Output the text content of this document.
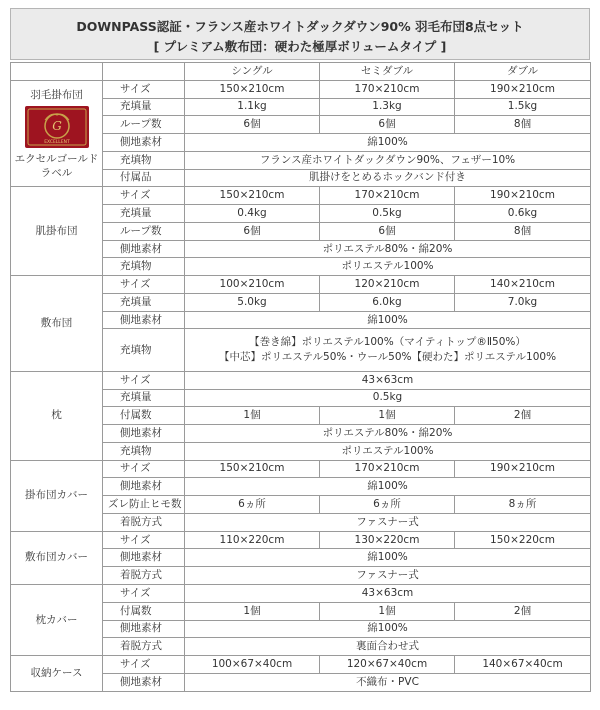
DOWNPASS認証・フランス産ホワイトダックダウン90% 羽毛布団8点セット
[ プレミアム敷布団：硬わた極厚ボリュームタイプ ]
		シングル	セミダブル	ダブル

羽毛掛布団
G
EXCELLENT
エクセルゴールド
ラベル	サイズ	150×210cm	170×210cm	190×210cm
	充填量	1.1kg	1.3kg	1.5kg
	ループ数	6個	6個	8個
	側地素材	綿100%		
	充填物	フランス産ホワイトダックダウン90%、フェザー10%		
	付属品	肌掛けをとめるホックバンド付き		
肌掛布団	サイズ	150×210cm	170×210cm	190×210cm
	充填量	0.4kg	0.5kg	0.6kg
	ループ数	6個	6個	8個
	側地素材	ポリエステル80%・綿20%		
	充填物	ポリエステル100%		
敷布団	サイズ	100×210cm	120×210cm	140×210cm
	充填量	5.0kg	6.0kg	7.0kg
	側地素材	綿100%		
	充填物	【巻き綿】ポリエステル100%（マイティトップ®Ⅱ50%）
【中芯】ポリエステル50%・ウール50%【硬わた】ポリエステル100%		

枕	サイズ	43×63cm		
	充填量	0.5kg		
	付属数	1個	1個	2個
	側地素材	ポリエステル80%・綿20%		
	充填物	ポリエステル100%		
掛布団カバー	サイズ	150×210cm	170×210cm	190×210cm
	側地素材	綿100%		
	ズレ防止ヒモ数	6ヵ所	6ヵ所	8ヵ所
	着脱方式	ファスナー式		
敷布団カバー	サイズ	110×220cm	130×220cm	150×220cm
	側地素材	綿100%		
	着脱方式	ファスナー式		
枕カバー	サイズ	43×63cm		
	付属数	1個	1個	2個
	側地素材	綿100%		
	着脱方式	裏面合わせ式		
収納ケース	サイズ	100×67×40cm	120×67×40cm	140×67×40cm
	側地素材	不織布・PVC		
